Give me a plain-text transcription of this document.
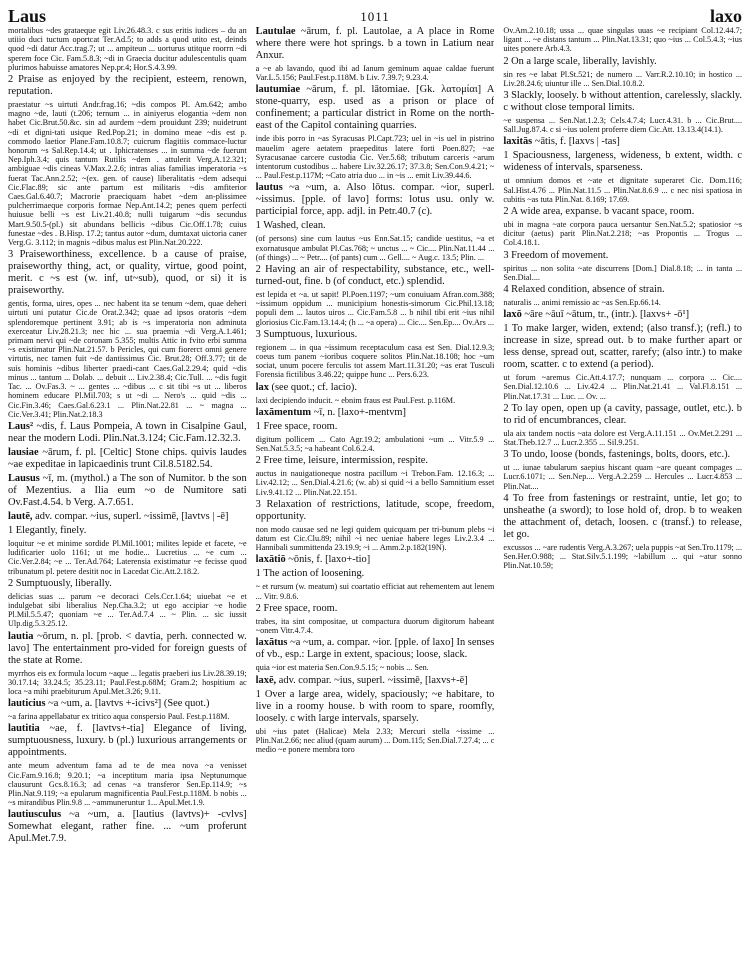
Laus	1011	laxo
mortalibus ~des grataeque egit Liv.26.48.3. c sus eritis iudices – du an utiiio duci tuctum oportcat Ter.Ad.5; to adds a quod utito est, deinds quod ~di datur Acc.trag.7; ut ... ampiteun ... uorturus utitque roorrn ~di sperem foce Cic. Fam.5.8.3; ~di in Graecia ducitur adulescentulis quam plurimos habuisse amatores Nep.pr.4; Hor.S.4.3.99.
2 Praise as enjoyed by the recipient, esteem, renown, reputation.
praestatur ~s uirtuti Andr.frag.16; ~dis compos Pl. Am.642; ambo magno ~de, lauti (t.206; ternum ... in ainiyerus elogantia ~dem non habet Cic.Brut.50.&c. sin ad aurdem ~dem prouidunt 239; nuidetrunt ~di et digni-tati usique Red.Pop.21; in domino meae ~dis est p. commodo laetior Plane.Fam.10.8.7; cuicrum flagitiis commace-luctur honorum ~s Sal.Rep.14.4; ut . Iphicratenses ... in summa ~de fuerunt Nep.Iph.3.4; quis tantum Rutilis ~dem . attulerit Verg.A.12.321; ambiguae ~dis cineas V.Max.2.2.6; intras alias familias imperatoria ~s fuerat Tac.Ann.2.52; ~(ex. gen. of cause) liberalitatis ~dem adsequi Cic.Flac.89; sic ante partum est militaris ~dis amfiterior Caes.Gal.6.40.7; Macrorie praeciquam habet ~dem an-plissimee pulcherrimaeque corporis formae Nep.Ant.14.2; penes quem perfecti huiusue belli ~s est Liv.21.40.8; nulli tuigarum ~dis secundus Mart.9.50.5-(pl.) sit abundans bellicis ~dibus Cic.Off.1.78; cuius funestae ~des . B.Hisp. 17.2; tantus autor ~dum, dumtaxat uictoria caner Verg.G. 3.112; in magnis ~dibus malus est Plin.Nat.20.222.
3 Praiseworthiness, excellence. b a cause of praise, praiseworthy thing, act, or quality, virtue, good point, merit. c ~s est (w. inf, ut~sub), quod, or si) it is praiseworthy.
gentis, forma, uires, opes ... nec habent ita se tenum ~dem, quae deheri uirtuti uni putatur Cic.de Orat.2.342; quae ad ipsos oratoris ~dem splendoremque pertinent 3.91; ab is ~s imperatoria non adminuta exerceatur Liv.28.21.3; nec hic ... sua praemia ~di Verg.A.1.461; primam nervi qui ~de coronam 5.355; multis Attic in fvito erbi summa ~s existimatur Plin.Nat.21.57. b Pericles, qui cum fiorerct omni genere virtutis, nec tamen fuit ~de dantissimus Cic. Brut.28; Off.3.77; tit de suis hominis ~dibus liberter praedi-cant Caes.Gal.2.29.4; quid ~dis minus ... tantum ... Dolab. ... debuit ... Liv.2.38.4; Cic.Tull. ... ~dis fugit Tac. ... Ov.Fas.3. ~ ... gentes ... ~dibus ... c sit tibi ~s ut ... liberos hominem educare Pl.Mil.703; s ut ~di ... Nero's ... quid ~dis ... Cic.Fin.3.46; Caes.Gal.6.23.1 ... Plin.Nat.22.81 ... ~ magna ... Cic.Ver.3.41; Plin.Nat.2.18.3
Laus² ~dis, f. Laus Pompeia, A town in Cisalpine Gaul, near the modern Lodi. Plin.Nat.3.124; Cic.Fam.12.32.3.
lausiae ~ārum, f. pl. [Celtic] Stone chips. quivis laudes ~ae expeditae in lapicaedinis trunt Cil.8.5182.54.
Lausus ~ī, m. (mythol.) a The son of Numitor. b the son of Mezentius. a Ilia eum ~o de Numitore sati Ov.Fast.4.54. b Verg. A.7.651.
lautē, adv. compar. ~ius, superl. ~issimē, [lavtvs | -ē]
1 Elegantly, finely.
loquitur ~e et minime sordide Pl.Mil.1001; milites lepide et facete, ~e ludificarier uolo 1161; ut me hodie... Lucretius ... ~e cum ... Cic.Ver.2.84; ~e ... Ter.Ad.764; Laterensia existimatur ~e fecisse quod tribunatum pl. petere desitit noc in Lacedat Cic.Att.2.18.2.
2 Sumptuously, liberally.
delicias suas ... parum ~e decoraci Cels.Ccr.1.64; uiuebat ~e et indulgebat sibi liberalius Nep.Cha.3.2; ut ego accipiar ~e hodie Pl.Mil.5.5.47; quoniam ~e ... Ter.Ad.7.4 ... ~ Plin. ... sic iussit Ulp.dig.5.3.25.12.
lautia ~ōrum, n. pl. [prob. < davtia, perh. connected w. lavo] The entertainment pro-vided for foreign guests of the state at Rome.
myrrhos eis ex formula locum ~aque ... legatis praeberi ius Liv.28.39.19; 30.17.14; 33.24.5; 35.23.11; Paul.Fest.p.68M; Gram.2; hospitium ac loca ~a mihi praebiturum Apul.Met.3.26; 9.11.
lauticius ~a ~um, a. [lavtvs +-icivs²] (See quot.)
~a farina appellabatur ex tritico aqua conspersio Paul. Fest.p.118M.
lautitia ~ae, f. [lavtvs+-tia] Elegance of living, sumptuousness, luxury. b (pl.) luxurious arrangements or appointments.
ante meum adventum fama ad te de mea nova ~a venisset Cic.Fam.9.16.8; 9.20.1; ~a inceptitum maria ipsa Neptunumque clausurunt Gcs.8.16.3; ad cenas ~a transferor Sen.Ep.114.9; ~s Plin.Nat.9.119; ~a epularum magnificentia Paul.Fest.p.118M. b nobis ... ~s mirandibus Plin.9.8 ... ~ammuneruntur 1... Apul.Met.1.9.
lautiusculus ~a ~um, a. [lautius (lavtvs)+ -cvlvs] Somewhat elegant, rather fine. ... ~um proferunt Apul.Met.7.9.
Lautulae ~ārum, f. pl. Lautolae, a A place in Rome where there were hot springs. b a town in Latium near Anxur.
a ~e ab lavando, quod ibi ad Ianum geminum aquae caldae fuerunt Var.L.5.156; Paul.Fest.p.118M. b Liv. 7.39.7; 9.23.4.
lautumiae ~ārum, f. pl. lātomiae. [Gk. λατομίαι] A stone-quarry, esp. used as a prison or place of confinement; a particular district in Rome on the north-east of the Capitol containing quarries.
inde ibis porro in ~as Syracusas Pl.Capt.723; uel in ~is uel in pistrino mauelim agere aetatem praepeditus latere forti Poen.827; ~ae Syracusanae carcere custodia Cic. Ver.5.68; tributum carceris ~arum intentorum custodibus ... habere Liv.32.26.17; 37.3.8; Sen.Con.9.4.21; ~ ... Paul.Fest.p.117M; ~Cato atria duo ... in ~is ... emit Liv.39.44.6.
lautus ~a ~um, a. Also lōtus. compar. ~ior, superl. ~issimus. [pple. of lavo] forms: lotus usu. only w. participial force, app. adjl. in Petr.40.7 (c).
1 Washed, clean.
(of persons) sine cum lautus ~us Enn.Sat.15; candide uestitus, ~a et exornatusque ambulat Pl.Cas.768; ~ unctus ... ~ Cic.... Plin.Nat.11.44 ... (of things) ... ~ Petr.... (of pants) cum ... Gell.... ~ Aug.c. 13.5; Plin. ...
2 Having an air of respectability, substance, etc., well-turned-out, fine. b (of conduct, etc.) splendid.
est lepida et ~a. ut sapit! Pl.Poen.1197; ~um conuiuam Afran.com.388; ~issimum oppidum ... municipium honestis-simorum Cic.Phil.13.18; populi dem ... lautos uiros ... Cic.Fam.5.8 ... b nihil tibi erit ~ius nihil gloriosius Cic.Fam.13.14.4; (h ... ~a opera) ... Cic.... Sen.Ep.... Ov.Ars ...
3 Sumptuous, luxurious.
regionem ... in qua ~issimum receptaculum casa est Sen. Dial.12.9.3; coeus tum panem ~ioribus coquere solitos Plin.Nat.18.108; hoc ~um sociat, unum pocere ferculis tot assem Mart.11.31.20; ~as erat Tusculi Forensia fictilibus 3.46.22; quippe hunc ... Pers.6.23.
lax (see quot.; cf. lacio).
laxi decipiendo inducit. ~ ebnim fraus est Paul.Fest. p.116M.
laxāmentum ~ī, n. [laxo+-mentvm]
1 Free space, room.
digitum pollicem ... Cato Agr.19.2; ambulationi ~um ... Vitr.5.9 ... Sen.Nat.5.3.5; ~a habeant Col.6.2.4.
2 Free time, leisure, intermission, respite.
auctus in nauigationeque nostra pacillum ~i Trebon.Fam. 12.16.3; ... Liv.42.12; ... Sen.Dial.4.21.6; (w. ab) si quid ~i a bello Samnitium esset Liv.9.41.12 ... Plin.Nat.22.151.
3 Relaxation of restrictions, latitude, scope, freedom, opportunity.
non modo causae sed ne legi quidem quicquam per tri-bunum plebs ~i datum est Cic.Clu.89; nihil ~i nec ueniae habere leges Liv.2.3.4 ... Hannibali summittenda 23.19.9; ~i ... Amm.2.p.182(19N).
laxātiō ~ōnis, f. [laxo+-tio]
1 The action of loosening.
~ et rursum (w. meatum) sui coartatio efficiat aut rehementem aut lenem ... Vitr. 9.8.6.
2 Free space, room.
trabes, ita sint compositae, ut compactura duorum digitorum habeant ~onem Vitr.4.7.4.
laxātus ~a ~um, a. compar. ~ior. [pple. of laxo] In senses of vb., esp.: Large in extent, spacious; loose, slack.
quia ~ior est materia Sen.Con.9.5.15; ~ nobis ... Sen.
laxē, adv. compar. ~ius, superl. ~issimē, [laxvs+-ē]
1 Over a large area, widely, spaciously; ~e habitare, to live in a roomy house. b with room to spare, roomfly, loosely. c with large intervals, sparsely.
ubi ~ius patet (Halicae) Mela 2.33; Mercuri stella ~issime ... Plin.Nat.2.66; nec aliud (quam aurum) ... Dom.115; Sen.Dial.7.27.4; ... c medio ~e ponere membra toro
Ov.Am.2.10.18; ussa ... quae singulas uuas ~e recipiant Col.12.44.7; ligant ... ~e distans tantum ... Plin.Nat.13.31; quo ~ius ... Col.5.4.3; ~ius uites ponere Arb.4.3.
2 On a large scale, liberally, lavishly.
sin res ~e labat Pl.St.521; de numero ... Varr.R.2.10.10; in hostico ... Liv.28.24.6; uiuntur ille ... Sen.Dial.10.8.2.
3 Slackly, loosely. b without attention, carelessly, slackly. c without close temporal limits.
~e suspensa ... Sen.Nat.1.2.3; Cels.4.7.4; Lucr.4.31. b ... Cic.Brut.... Sall.Jug.87.4. c si ~ius uolent proferre diem Cic.Att. 13.13.4(14.1).
laxitās ~ātis, f. [laxvs | -tas]
1 Spaciousness, largeness, wideness, b extent, width. c wideness of intervals, sparseness.
ut omnium domos et ~ate et dignitate superaret Cic. Dom.116; Sal.Hist.4.76 ... Plin.Nat.11.5 ... Plin.Nat.8.6.9 ... c nec nisi spatiosa in cubitis ~as tuta Plin.Nat. 8.169; 17.69.
2 A wide area, expanse. b vacant space, room.
ubi in magna ~ate corpora pauca uersantur Sen.Nat.5.2; spatiosior ~s dicitur (aetus) parit Plin.Nat.2.218; ~as Propontis ... Trogus ... Col.4.18.1.
3 Freedom of movement.
spiritus ... non solita ~ate discurrens [Dom.] Dial.8.18; ... in tanta ... Sen.Dial....
4 Relaxed condition, absence of strain.
naturalis ... animi remissio ac ~as Sen.Ep.66.14.
laxō ~āre ~āuī ~ātum, tr., (intr.). [laxvs+ -ō¹]
1 To make larger, widen, extend; (also transf.); (refl.) to increase in size, spread out. b to make further apart or less dense, spread out, scatter, rarefy; (also intr.) to make room, scatter. c to extend (a period).
ut forum ~aremus Cic.Att.4.17.7; nunquam ... corpora ... Cic.... Sen.Dial.12.10.6 ... Liv.42.4 ... Plin.Nat.21.41 ... Val.Fl.8.151 ... Plin.Nat.17.31 ... Luc. ... Ov. ...
2 To lay open, open up (a cavity, passage, outlet, etc.). b to rid of encumbrances, clear.
ula aix tandem noctis ~ata dolore est Verg.A.11.151 ... Ov.Met.2.291 ... Stat.Theb.12.7 ... Lucr.2.355 ... Sil.9.251.
3 To undo, loose (bonds, fastenings, bolts, doors, etc.).
ut ... iunae tabularum saepius hiscant quam ~are queant compages ... Lucr.6.1071; ... Sen.Nep.... Verg.A.2.259 ... Hercules ... Lucr.4.853 ... Plin.Nat....
4 To free from fastenings or restraint, untie, let go; to unsheathe (a sword); to lose hold of, drop. b to weaken the attachment of, detach, loosen. c (transf.) to release, let go.
excussos ... ~are rudentis Verg.A.3.267; uela puppis ~at Sen.Tro.1179; ... Sen.Her.O.988; ... Stat.Silv.5.1.199; ~labillum ... qui ~atur sonno Plin.Nat.10.59;
